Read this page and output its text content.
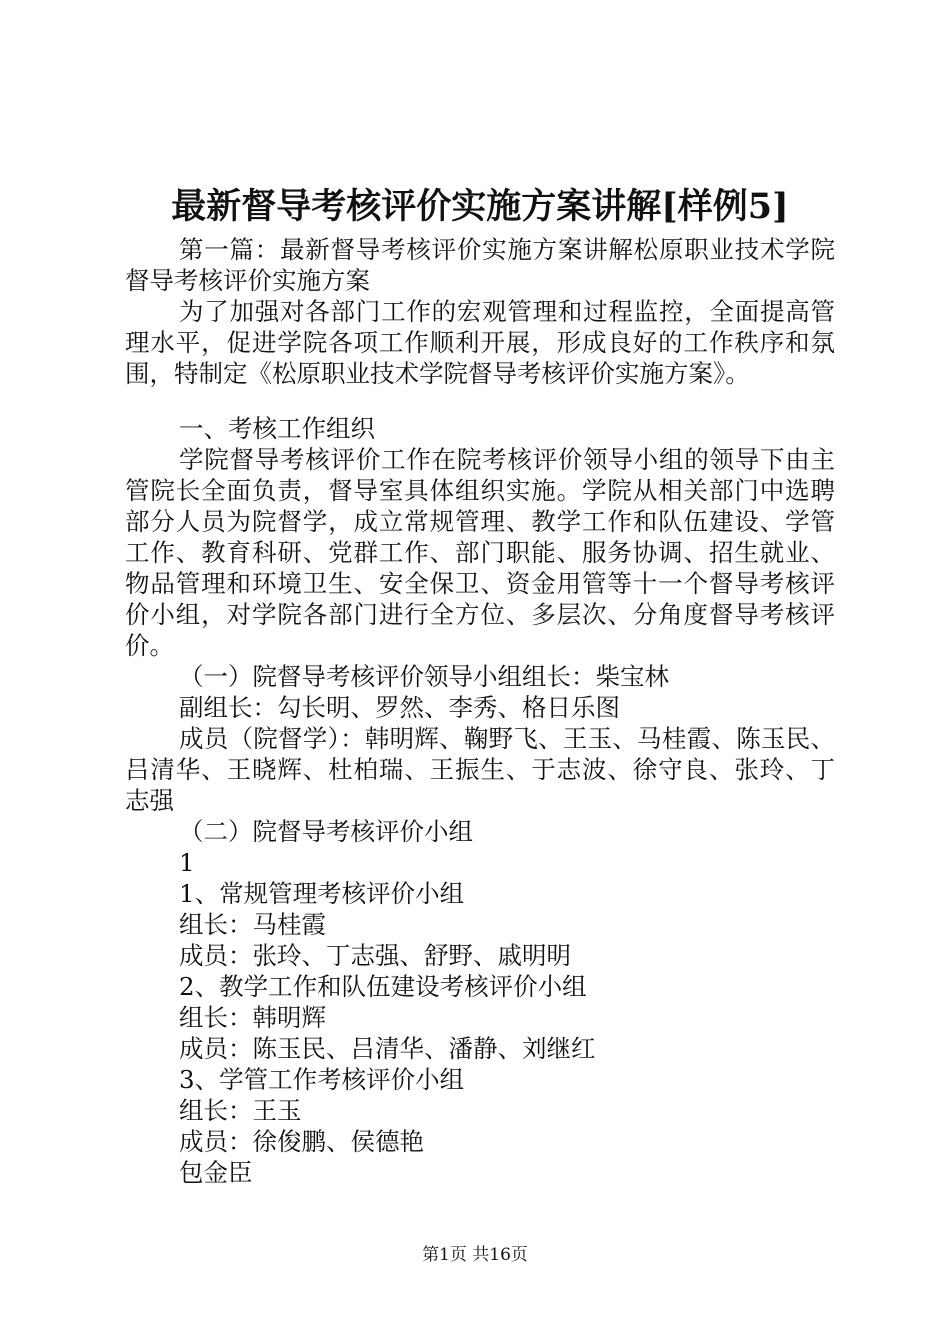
最新督导考核评价实施方案讲解[样例5]

第一篇：最新督导考核评价实施方案讲解松原职业技术学院督导考核评价实施方案

为了加强对各部门工作的宏观管理和过程监控，全面提高管理水平，促进学院各项工作顺利开展，形成良好的工作秩序和氛围，特制定《松原职业技术学院督导考核评价实施方案》。

一、考核工作组织

学院督导考核评价工作在院考核评价领导小组的领导下由主管院长全面负责，督导室具体组织实施。学院从相关部门中选聘部分人员为院督学，成立常规管理、教学工作和队伍建设、学管工作、教育科研、党群工作、部门职能、服务协调、招生就业、物品管理和环境卫生、安全保卫、资金用管等十一个督导考核评价小组，对学院各部门进行全方位、多层次、分角度督导考核评价。

（一）院督导考核评价领导小组组长：柴宝林

副组长：勾长明、罗然、李秀、格日乐图

成员（院督学）：韩明辉、鞠野飞、王玉、马桂霞、陈玉民、吕清华、王晓辉、杜柏瑞、王振生、于志波、徐守良、张玲、丁志强

（二）院督导考核评价小组

1

1、常规管理考核评价小组

组长：马桂霞

成员：张玲、丁志强、舒野、戚明明

2、教学工作和队伍建设考核评价小组

组长：韩明辉

成员：陈玉民、吕清华、潘静、刘继红

3、学管工作考核评价小组

组长：王玉

成员：徐俊鹏、侯德艳

包金臣

第1页 共16页
